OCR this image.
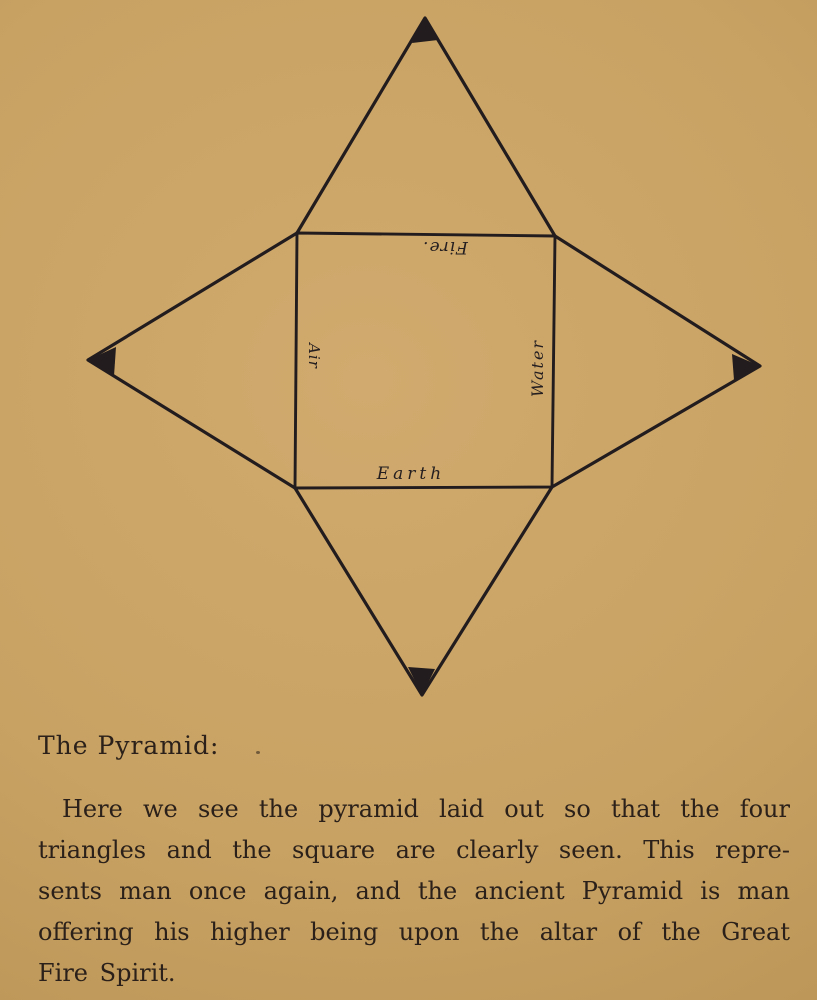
Fire.
Air	Water
Earth
The Pyramid:
Here we see the pyramid laid out so that the four
triangles and the square are clearly seen. This repre-
sents man once again, and the ancient Pyramid is man
offering his higher being upon the altar of the Great
Fire Spirit.
